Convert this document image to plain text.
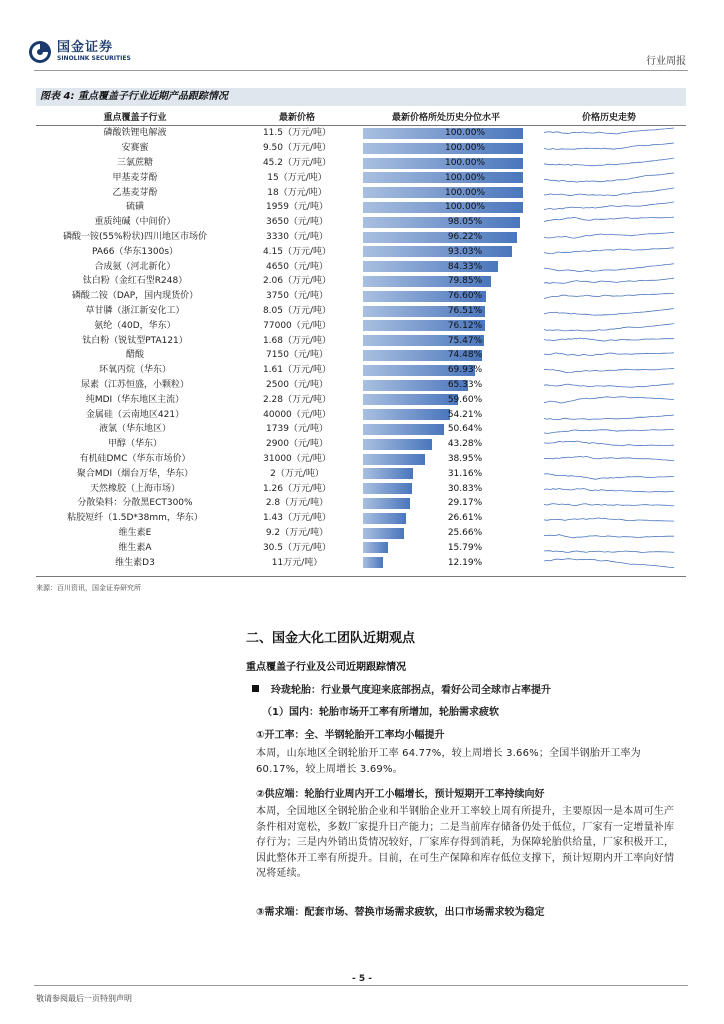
国金证券
SINOLINK SECURITIES	行业周报
图表 4: 重点覆盖子行业近期产品跟踪情况
重点覆盖子行业	最新价格	最新价格所处历史分位水平	价格历史走势
磷酸铁锂电解液	11.5（万元/吨）	100.00%

安赛蜜	9.50（万元/吨）	100.00%

三氯蔗糖	45.2（万元/吨）	100.00%

甲基麦芽酚	15（万元/吨）	100.00%

乙基麦芽酚	18（万元/吨）	100.00%

硫磺	1959（元/吨）	100.00%

重质纯碱（中间价）	3650（元/吨）	98.05%

磷酸一铵(55%粉状)四川地区市场价	3330（元/吨）	96.22%

PA66（华东1300s）	4.15（万元/吨）	93.03%

合成氨（河北新化）	4650（元/吨）	84.33%

钛白粉（金红石型R248）	2.06（万元/吨）	79.85%

磷酸二铵（DAP，国内现货价）	3750（元/吨）	76.60%

草甘膦（浙江新安化工）	8.05（万元/吨）	76.51%

氨纶（40D，华东）	77000（元/吨）	76.12%

钛白粉（锐钛型PTA121）	1.68（万元/吨）	75.47%

醋酸	7150（元/吨）	74.48%

环氧丙烷（华东）	1.61（万元/吨）	69.93%

尿素（江苏恒盛，小颗粒）	2500（元/吨）	65.33%

纯MDI（华东地区主流）	2.28（万元/吨）	59.60%

金属硅（云南地区421）	40000（元/吨）	54.21%

液氯（华东地区）	1739（元/吨）	50.64%

甲醇（华东）	2900（元/吨）	43.28%

有机硅DMC（华东市场价）	31000（元/吨）	38.95%

聚合MDI（烟台万华，华东）	2（万元/吨）	31.16%

天然橡胶（上海市场）	1.26（万元/吨）	30.83%

分散染料：分散黑ECT300%	2.8（万元/吨）	29.17%

粘胶短纤（1.5D*38mm，华东）	1.43（万元/吨）	26.61%

维生素E	9.2（万元/吨）	25.66%

维生素A	30.5（万元/吨）	15.79%

维生素D3	11万元/吨）	12.19%

来源：百川资讯，国金证券研究所
二、国金大化工团队近期观点
重点覆盖子行业及公司近期跟踪情况
玲珑轮胎：行业景气度迎来底部拐点，看好公司全球市占率提升
（1）国内：轮胎市场开工率有所增加，轮胎需求疲软
①开工率：全、半钢轮胎开工率均小幅提升
本周，山东地区全钢轮胎开工率 64.77%，较上周增长 3.66%；全国半钢胎开工率为 60.17%，较上周增长 3.69%。
②供应端：轮胎行业周内开工小幅增长，预计短期开工率持续向好
本周，全国地区全钢轮胎企业和半钢胎企业开工率较上周有所提升，主要原因一是本周可生产条件相对宽松，多数厂家提升日产能力；二是当前库存储备仍处于低位，厂家有一定增量补库存行为；三是内外销出货情况较好，厂家库存得到消耗，为保障轮胎供给量，厂家积极开工，因此整体开工率有所提升。目前，在可生产保障和库存低位支撑下，预计短期内开工率向好情况将延续。
③需求端：配套市场、替换市场需求疲软，出口市场需求较为稳定
- 5 -
敬请参阅最后一页特别声明
